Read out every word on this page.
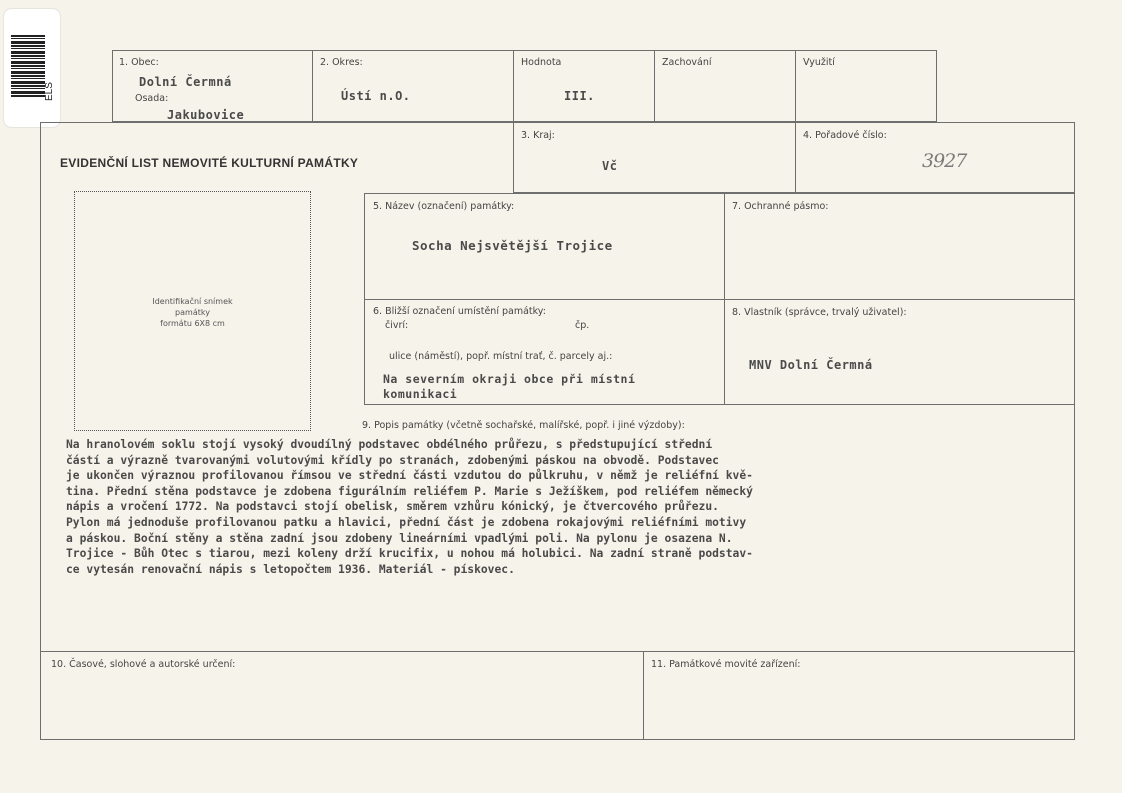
ELS
1. Obec:
Dolní Čermná
Osada:
Jakubovice
2. Okres:
Ústí n.O.
Hodnota
III.
Zachování	Využití
EVIDENČNÍ LIST NEMOVITÉ KULTURNÍ PAMÁTKY
3. Kraj:
Vč
4. Pořadové číslo:
3927
Identifikační snímek
památky
formátu 6X8 cm
5. Název (označení) památky:
Socha Nejsvětější Trojice
7. Ochranné pásmo:
6. Bližší označení umístění památky:
čivrí:	čp.
ulice (náměstí), popř. místní trať, č. parcely aj.:
Na severním okraji obce při místní
komunikaci
8. Vlastník (správce, trvalý uživatel):
MNV Dolní Čermná
9. Popis památky (včetně sochařské, malířské, popř. i jiné výzdoby):
Na hranolovém soklu stojí vysoký dvoudílný podstavec obdélného průřezu, s předstupující střední
částí a výrazně tvarovanými volutovými křídly po stranách, zdobenými páskou na obvodě. Podstavec
je ukončen výraznou profilovanou římsou ve střední části vzdutou do půlkruhu, v němž je reliéfní kvě-
tina. Přední stěna podstavce je zdobena figurálním reliéfem P. Marie s Ježíškem, pod reliéfem německý
nápis a vročení 1772. Na podstavci stojí obelisk, směrem vzhůru kónický, je čtvercového průřezu.
Pylon má jednoduše profilovanou patku a hlavici, přední část je zdobena rokajovými reliéfními motivy
a páskou. Boční stěny a stěna zadní jsou zdobeny lineárními vpadlými poli. Na pylonu je osazena N.
Trojice - Bůh Otec s tiarou, mezi koleny drží krucifix, u nohou má holubici. Na zadní straně podstav-
ce vytesán renovační nápis s letopočtem 1936. Materiál - pískovec.
10. Časové, slohové a autorské určení:	11. Památkové movité zařízení:
